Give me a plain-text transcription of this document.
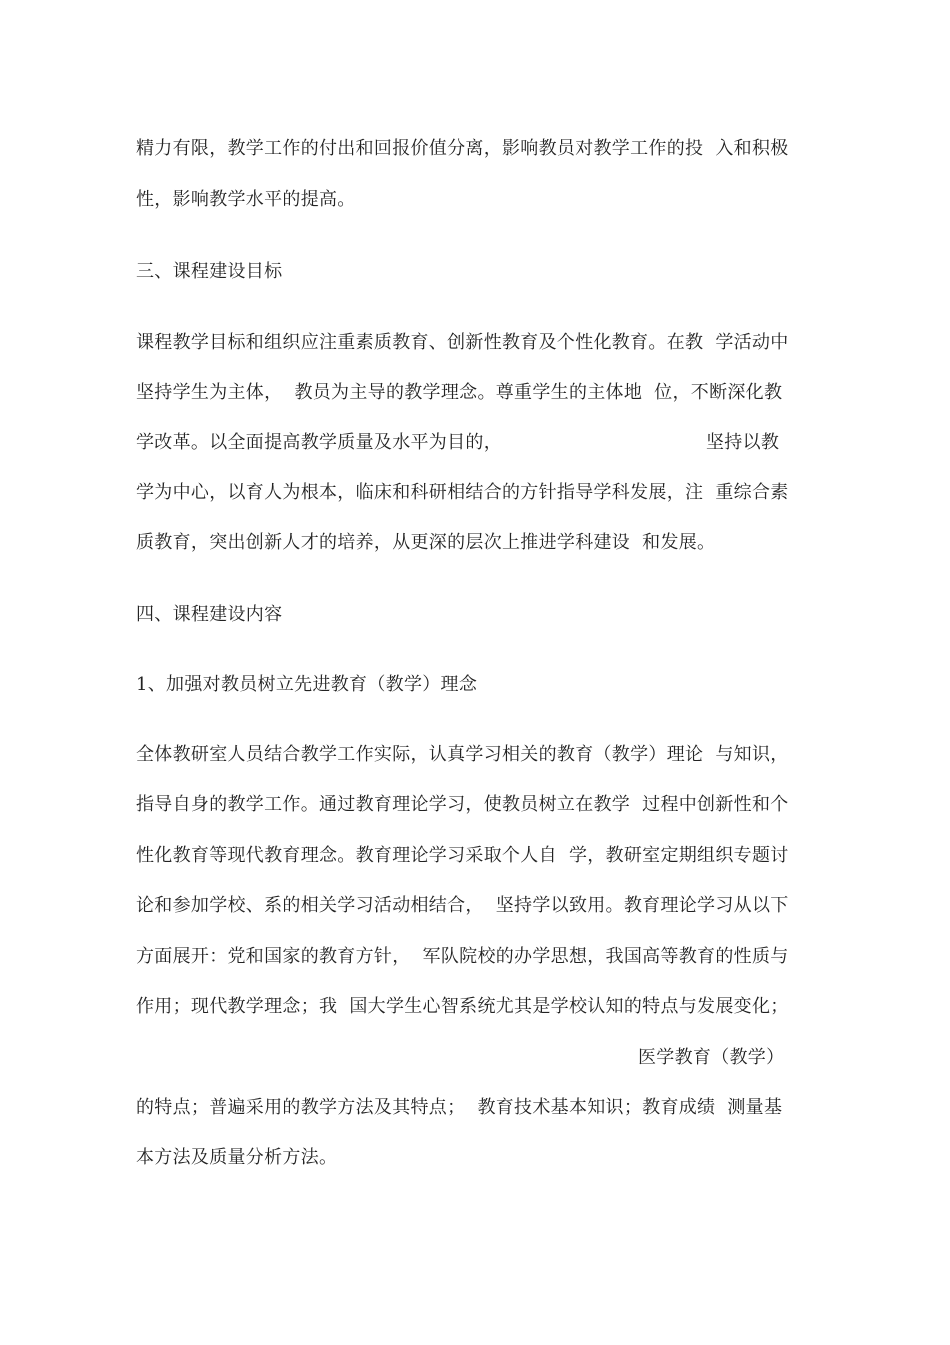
精力有限，教学工作的付出和回报价值分离，影响教员对教学工作的投  入和积极
性，影响教学水平的提高。
三、课程建设目标
课程教学目标和组织应注重素质教育、创新性教育及个性化教育。在教  学活动中
坚持学生为主体，  教员为主导的教学理念。尊重学生的主体地  位，不断深化教
学改革。以全面提高教学质量及水平为目的，	坚持以教
学为中心，以育人为根本，临床和科研相结合的方针指导学科发展，注  重综合素
质教育，突出创新人才的培养，从更深的层次上推进学科建设  和发展。
四、课程建设内容
1、加强对教员树立先进教育（教学）理念
全体教研室人员结合教学工作实际，认真学习相关的教育（教学）理论  与知识，
指导自身的教学工作。通过教育理论学习，使教员树立在教学  过程中创新性和个
性化教育等现代教育理念。教育理论学习采取个人自  学，教研室定期组织专题讨
论和参加学校、系的相关学习活动相结合，  坚持学以致用。教育理论学习从以下
方面展开：党和国家的教育方针，  军队院校的办学思想，我国高等教育的性质与
作用；现代教学理念；我  国大学生心智系统尤其是学校认知的特点与发展变化；
医学教育（教学）
的特点；普遍采用的教学方法及其特点；  教育技术基本知识；教育成绩  测量基
本方法及质量分析方法。
